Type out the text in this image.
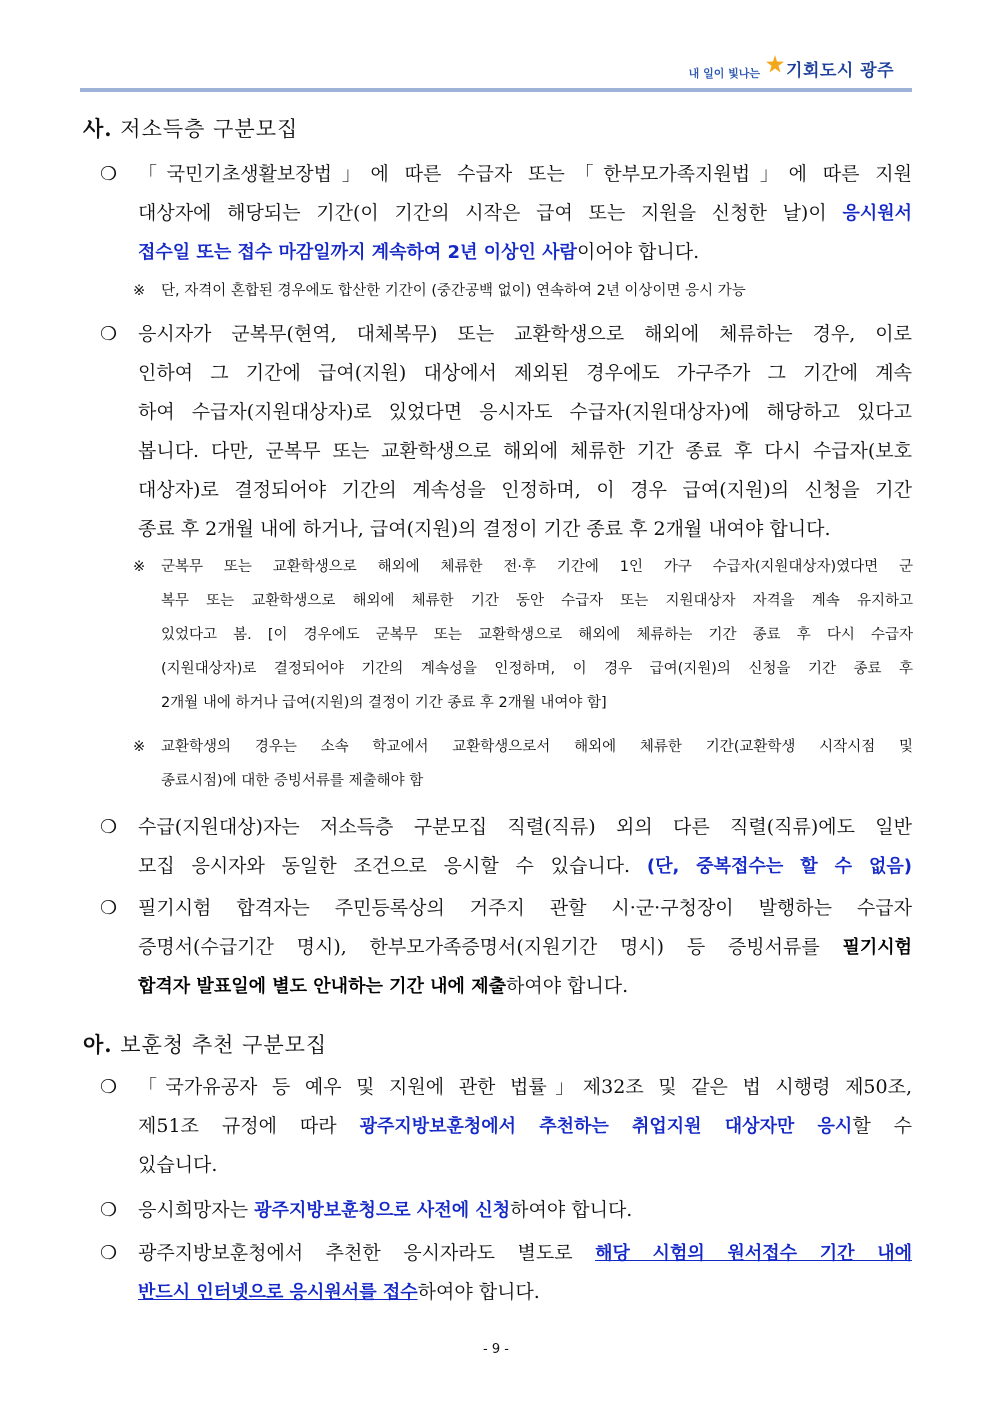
내 일이 빛나는 기회도시 광주
사. 저소득층 구분모집
❍	「국민기초생활보장법」에 따른 수급자 또는「한부모가족지원법」에 따른 지원
대상자에 해당되는 기간(이 기간의 시작은 급여 또는 지원을 신청한 날)이 응시원서
접수일 또는 접수 마감일까지 계속하여 2년 이상인 사람이어야 합니다.
※ 단, 자격이 혼합된 경우에도 합산한 기간이 (중간공백 없이) 연속하여 2년 이상이면 응시 가능
❍	응시자가 군복무(현역, 대체복무) 또는 교환학생으로 해외에 체류하는 경우, 이로
인하여 그 기간에 급여(지원) 대상에서 제외된 경우에도 가구주가 그 기간에 계속
하여 수급자(지원대상자)로 있었다면 응시자도 수급자(지원대상자)에 해당하고 있다고
봅니다. 다만, 군복무 또는 교환학생으로 해외에 체류한 기간 종료 후 다시 수급자(보호
대상자)로 결정되어야 기간의 계속성을 인정하며, 이 경우 급여(지원)의 신청을 기간
종료 후 2개월 내에 하거나, 급여(지원)의 결정이 기간 종료 후 2개월 내여야 합니다.
※ 군복무 또는 교환학생으로 해외에 체류한 전·후 기간에 1인 가구 수급자(지원대상자)였다면 군
복무 또는 교환학생으로 해외에 체류한 기간 동안 수급자 또는 지원대상자 자격을 계속 유지하고
있었다고 봄. [이 경우에도 군복무 또는 교환학생으로 해외에 체류하는 기간 종료 후 다시 수급자
(지원대상자)로 결정되어야 기간의 계속성을 인정하며, 이 경우 급여(지원)의 신청을 기간 종료 후
2개월 내에 하거나 급여(지원)의 결정이 기간 종료 후 2개월 내여야 함]
※ 교환학생의 경우는 소속 학교에서 교환학생으로서 해외에 체류한 기간(교환학생 시작시점 및
종료시점)에 대한 증빙서류를 제출해야 함
❍	수급(지원대상)자는 저소득층 구분모집 직렬(직류) 외의 다른 직렬(직류)에도 일반
모집 응시자와 동일한 조건으로 응시할 수 있습니다. (단, 중복접수는 할 수 없음)
❍	필기시험 합격자는 주민등록상의 거주지 관할 시·군·구청장이 발행하는 수급자
증명서(수급기간 명시), 한부모가족증명서(지원기간 명시) 등 증빙서류를 필기시험
합격자 발표일에 별도 안내하는 기간 내에 제출하여야 합니다.
아. 보훈청 추천 구분모집
❍	「국가유공자 등 예우 및 지원에 관한 법률」제32조 및 같은 법 시행령 제50조,
제51조 규정에 따라 광주지방보훈청에서 추천하는 취업지원 대상자만 응시할 수
있습니다.
❍	응시희망자는 광주지방보훈청으로 사전에 신청하여야 합니다.
❍	광주지방보훈청에서 추천한 응시자라도 별도로 해당 시험의 원서접수 기간 내에
반드시 인터넷으로 응시원서를 접수하여야 합니다.
- 9 -
